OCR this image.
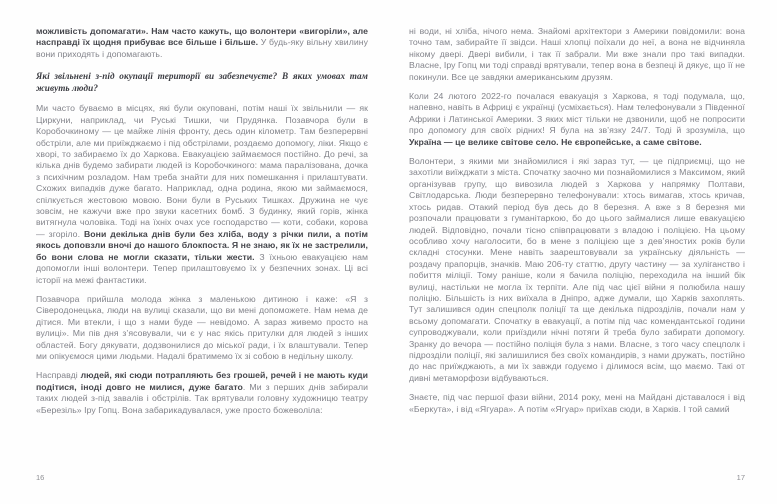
можливість допомагати». Нам часто кажуть, що волонтери «вигоріли», але насправді їх щодня прибуває все більше і більше. У будь-яку вільну хвилину вони приходять і допомагають.

Які звільнені з-під окупації території ви забезпечуєте? В яких умовах там живуть люди?

Ми часто буваємо в місцях, які були окуповані, потім наші їх звільнили — як Циркуни, наприклад, чи Руські Тишки, чи Прудянка. Позавчора були в Коробочкиному — це майже лінія фронту, десь один кілометр. Там безперервні обстріли, але ми приїжджаємо і під обстрілами, роздаємо допомогу, ліки. Якщо є хворі, то забираємо їх до Харкова. Евакуацією займаємося постійно. До речі, за кілька днів будемо забирати людей із Коробочкиного: мама паралізована, дочка з психічним розладом. Нам треба знайти для них помешкання і прилаштувати. Схожих випадків дуже багато. Наприклад, одна родина, якою ми займаємося, спілкується жестовою мовою. Вони були в Руських Тишках. Дружина не чує зовсім, не кажучи вже про звуки касетних бомб. З будинку, який горів, жінка витягнула чоловіка. Тоді на їхніх очах усе господарство — коти, собаки, корова — згоріло. Вони декілька днів були без хліба, воду з річки пили, а потім якось доповзли вночі до нашого блокпоста. Я не знаю, як їх не застрелили, бо вони слова не могли сказати, тільки жести. З їхньою евакуацією нам допомогли інші волонтери. Тепер прилаштовуємо їх у безпечних зонах. Ці всі історії на межі фантастики.

Позавчора прийшла молода жінка з маленькою дитиною і каже: «Я з Сіверодонецька, люди на вулиці сказали, що ви мені допоможете. Нам нема де дітися. Ми втекли, і що з нами буде — невідомо. А зараз живемо просто на вулиці». Ми пів дня з’ясовували, чи є у нас якісь притулки для людей з інших областей. Богу дякувати, додзвонилися до міської ради, і їх влаштували. Тепер ми опікуємося цими людьми. Надалі братимемо їх зі собою в недільну школу.

Насправді людей, які сюди потрапляють без грошей, речей і не мають куди подітися, іноді довго не милися, дуже багато. Ми з перших днів забирали таких людей з-під завалів і обстрілів. Так врятували головну художницю театру «Березіль» Іру Гопц. Вона забарикадувалася, уже просто божеволіла:

ні води, ні хліба, нічого нема. Знайомі архітектори з Америки повідомили: вона точно там, забирайте її звідси. Наші хлопці поїхали до неї, а вона не відчиняла нікому двері. Двері вибили, і так її забрали. Ми вже знали про такі випадки. Власне, Іру Гопц ми тоді справді врятували, тепер вона в безпеці й дякує, що її не покинули. Все це завдяки американським друзям.

Коли 24 лютого 2022-го почалася евакуація з Харкова, я тоді подумала, що, напевно, навіть в Африці є українці (усміхається). Нам телефонували з Південної Африки і Латинської Америки. З яких міст тільки не дзвонили, щоб не попросити про допомогу для своїх рідних! Я була на зв’язку 24/7. Тоді й зрозуміла, що Україна — це велике світове село. Не європейське, а саме світове.

Волонтери, з якими ми знайомилися і які зараз тут, — це підприємці, що не захотіли виїжджати з міста. Спочатку заочно ми познайомилися з Максимом, який організував групу, що вивозила людей з Харкова у напрямку Полтави, Світлодарська. Люди безперервно телефонували: хтось вимагав, хтось кричав, хтось ридав. Отакий період був десь до 8 березня. А вже з 8 березня ми розпочали працювати з гуманітаркою, бо до цього займалися лише евакуацією людей. Відповідно, почали тісно співпрацювати з владою і поліцією. На цьому особливо хочу наголосити, бо в мене з поліцією ще з дев’яностих років були складні стосунки. Мене навіть заарештовували за українську діяльність — роздачу прапорців, значків. Маю 206-ту статтю, другу частину — за хуліганство і побиття міліції. Тому раніше, коли я бачила поліцію, переходила на інший бік вулиці, настільки не могла їх терпіти. Але під час цієї війни я полюбила нашу поліцію. Більшість із них виїхала в Дніпро, адже думали, що Харків захоплять. Тут залишився один спецполк поліції та ще декілька підрозділів, почали нам у всьому допомагати. Спочатку в евакуації, а потім під час комендантської години супроводжували, коли приїздили нічні потяги й треба було забирати допомогу. Зранку до вечора — постійно поліція була з нами. Власне, з того часу спецполк і підрозділи поліції, які залишилися без своїх командирів, з нами дружать, постійно до нас приїжджають, а ми їх завжди годуємо і ділимося всім, що маємо. Такі от дивні метаморфози відбуваються.

Знаєте, під час першої фази війни, 2014 року, мені на Майдані діставалося і від «Беркута», і від «Ягуара». А потім «Ягуар» приїхав сюди, в Харків. І той самий

16	17
